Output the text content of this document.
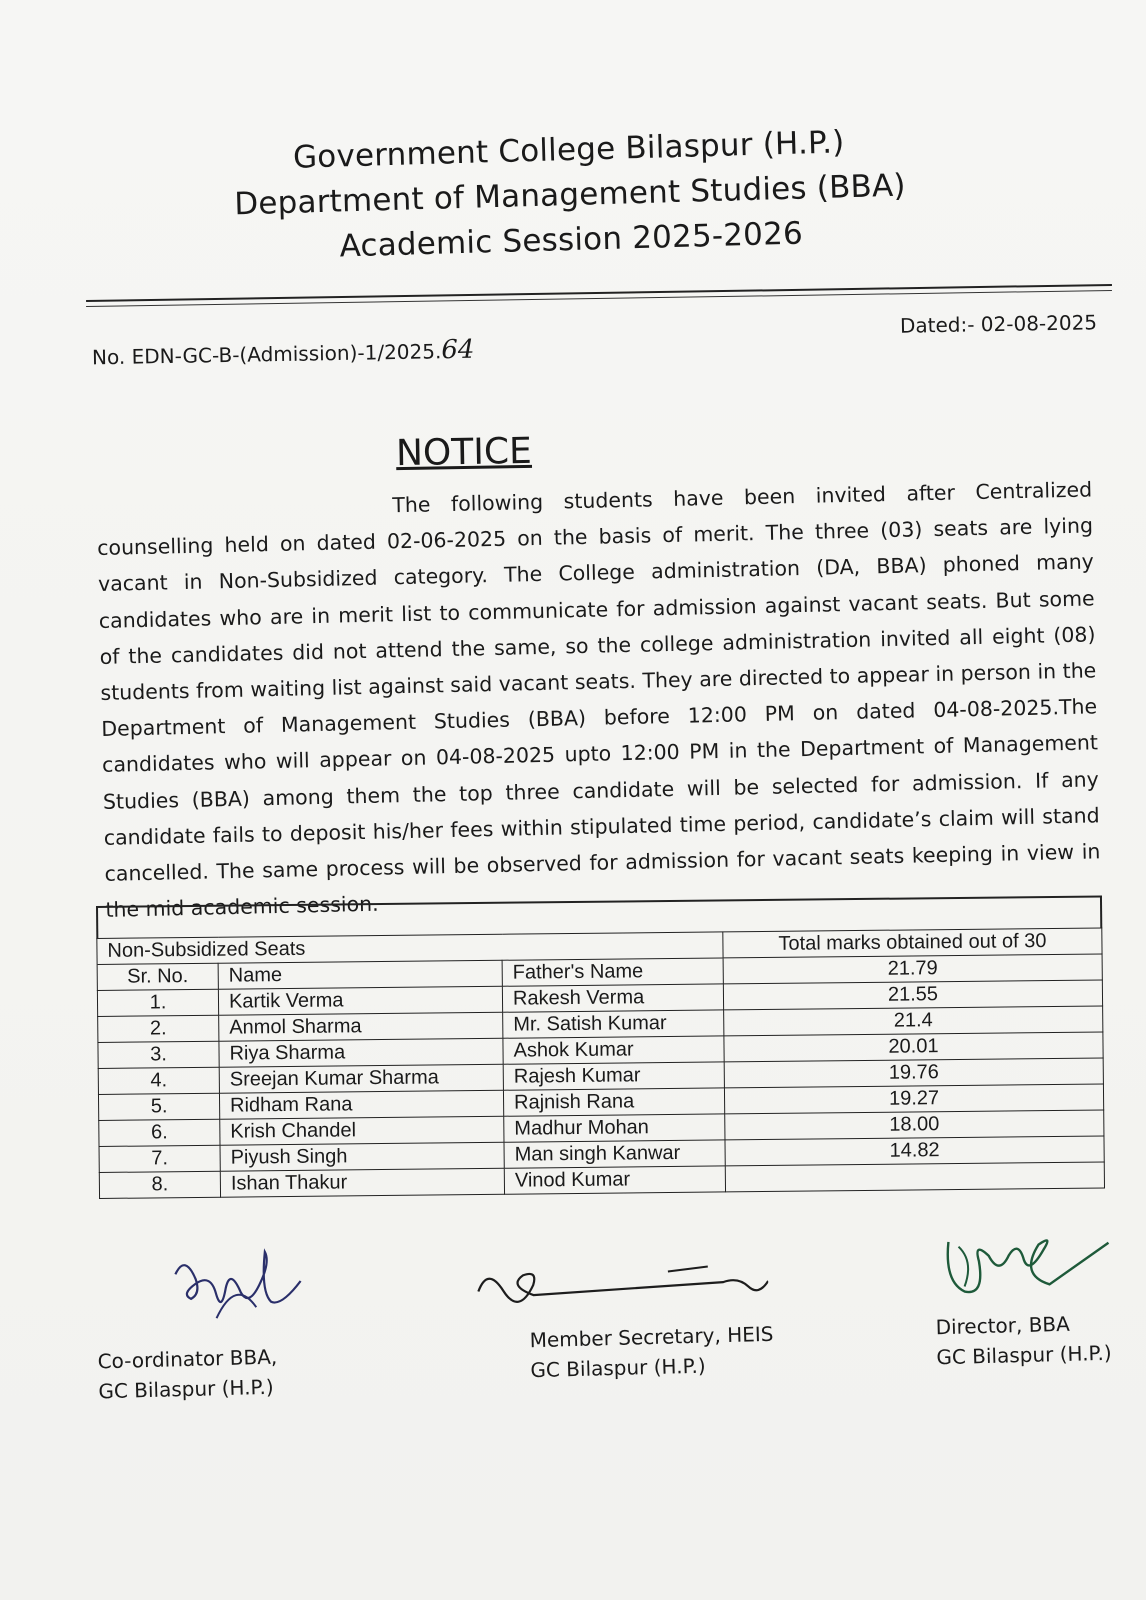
Government College Bilaspur (H.P.)
Department of Management Studies (BBA)
Academic Session 2025-2026
No. EDN-GC-B-(Admission)-1/2025.64
Dated:- 02-08-2025
NOTICE
The following students have been invited after Centralized counselling held on dated 02-06-2025 on the basis of merit. The three (03) seats are lying vacant in Non-Subsidized category. The College administration (DA, BBA) phoned many candidates who are in merit list to communicate for admission against vacant seats. But some of the candidates did not attend the same, so the college administration invited all eight (08) students from waiting list against said vacant seats. They are directed to appear in person in the Department of Management Studies (BBA) before 12:00 PM on dated 04-08-2025.The candidates who will appear on 04-08-2025 upto 12:00 PM in the Department of Management Studies (BBA) among them the top three candidate will be selected for admission. If any candidate fails to deposit his/her fees within stipulated time period, candidate’s claim will stand cancelled. The same process will be observed for admission for vacant seats keeping in view in the mid academic session.
Non-Subsidized Seats			Total marks obtained out of 30
Sr. No.	Name	Father's Name	21.79
1.	Kartik Verma	Rakesh Verma	21.55
2.	Anmol Sharma	Mr. Satish Kumar	21.4
3.	Riya Sharma	Ashok Kumar	20.01
4.	Sreejan Kumar Sharma	Rajesh Kumar	19.76
5.	Ridham Rana	Rajnish Rana	19.27
6.	Krish Chandel	Madhur Mohan	18.00
7.	Piyush Singh	Man singh Kanwar	14.82
8.	Ishan Thakur	Vinod Kumar	
Co-ordinator BBA,
GC Bilaspur (H.P.)
Member Secretary, HEIS
GC Bilaspur (H.P.)
Director, BBA
GC Bilaspur (H.P.)
